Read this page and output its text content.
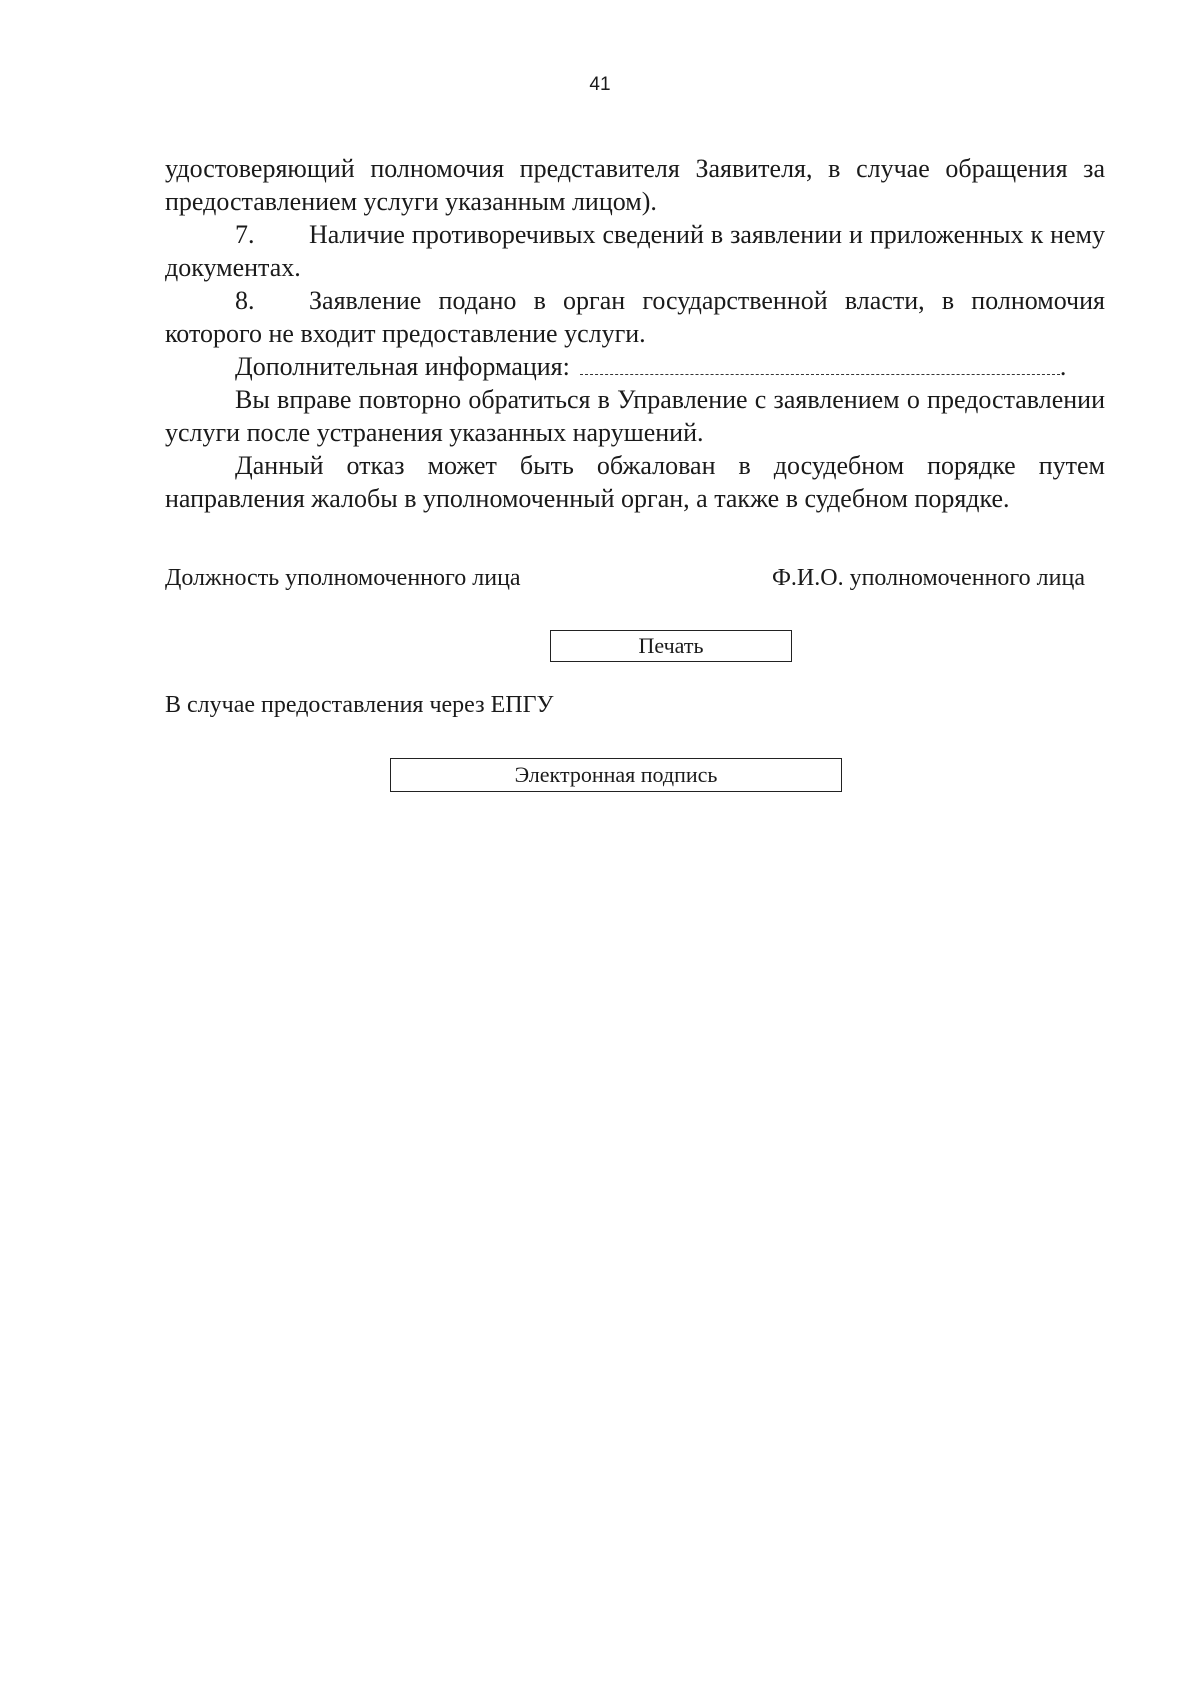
41

удостоверяющий полномочия представителя Заявителя, в случае обращения за предоставлением услуги указанным лицом).

7. Наличие противоречивых сведений в заявлении и приложенных к нему документах.

8. Заявление подано в орган государственной власти, в полномочия которого не входит предоставление услуги.

Дополнительная информация:	.

Вы вправе повторно обратиться в Управление с заявлением о предоставлении услуги после устранения указанных нарушений.

Данный отказ может быть обжалован в досудебном порядке путем направления жалобы в уполномоченный орган, а также в судебном порядке.

Должность уполномоченного лица	Ф.И.О. уполномоченного лица
Печать
В случае предоставления через ЕПГУ
Электронная подпись
